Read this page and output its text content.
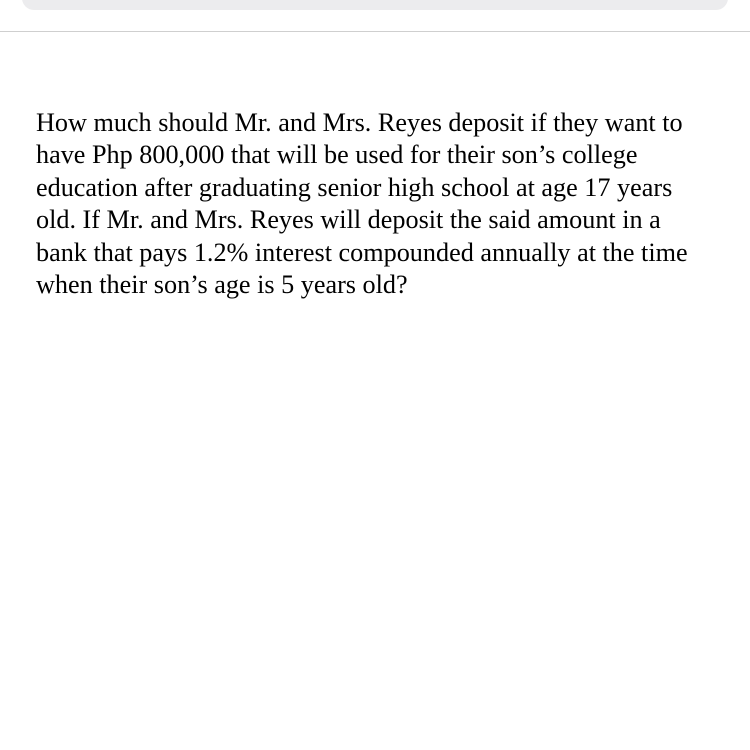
How much should Mr. and Mrs. Reyes deposit if they want to
have Php 800,000 that will be used for their son’s college
education after graduating senior high school at age 17 years
old. If Mr. and Mrs. Reyes will deposit the said amount in a
bank that pays 1.2% interest compounded annually at the time
when their son’s age is 5 years old?
